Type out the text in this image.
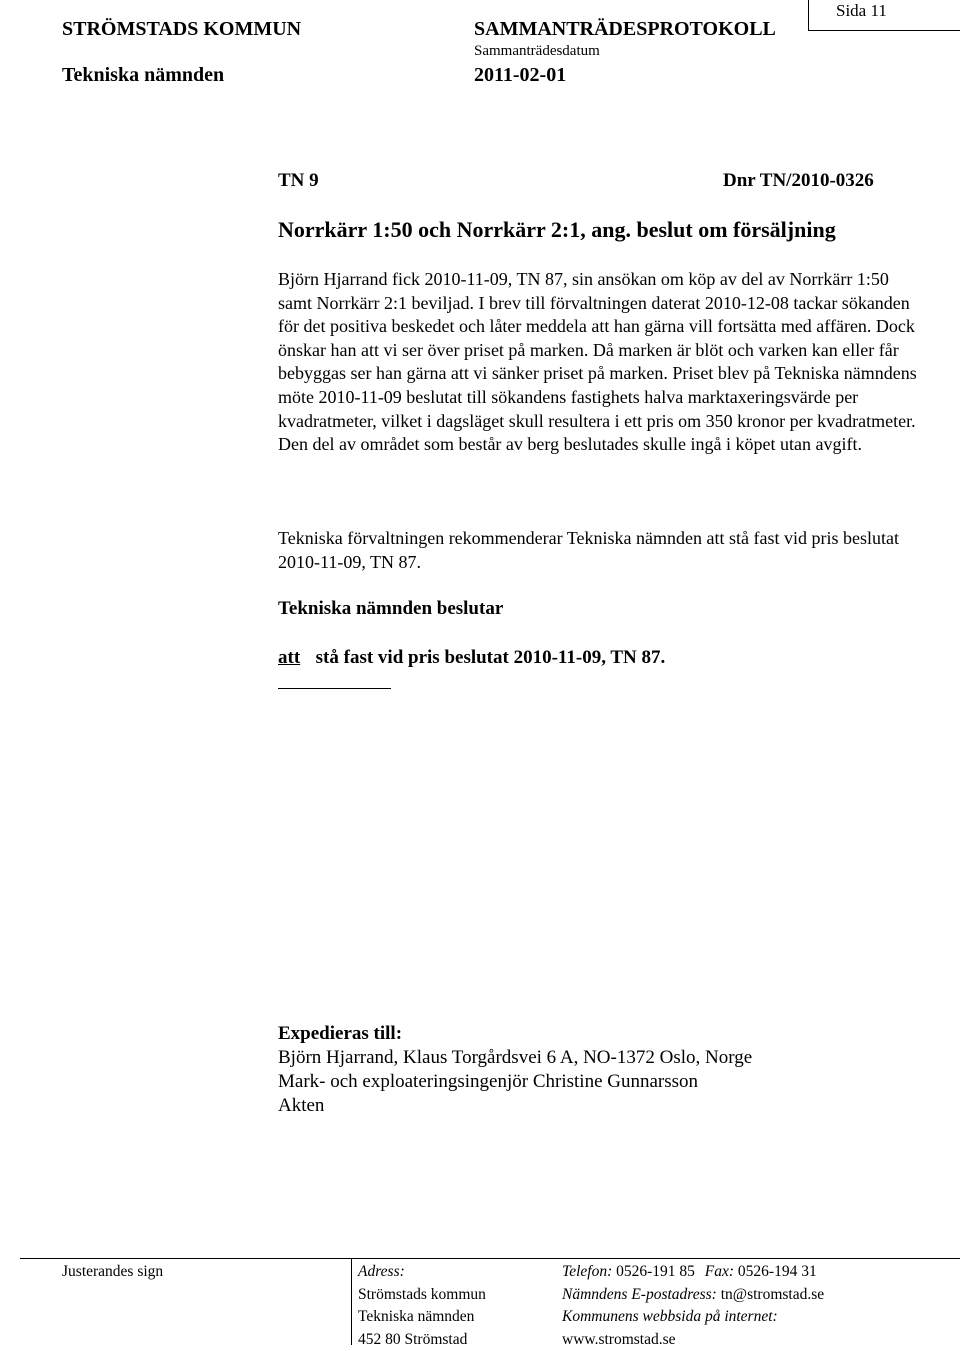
STRÖMSTADS KOMMUN	SAMMANTRÄDESPROTOKOLL
Sammanträdesdatum
Tekniska nämnden	2011-02-01
Sida 11
TN 9	Dnr TN/2010-0326
Norrkärr 1:50 och Norrkärr 2:1, ang. beslut om försäljning

Björn Hjarrand fick 2010-11-09, TN 87, sin ansökan om köp av del av Norrkärr 1:50 samt Norrkärr 2:1 beviljad. I brev till förvaltningen daterat 2010-12-08 tackar sökanden för det positiva beskedet och låter meddela att han gärna vill fortsätta med affären. Dock önskar han att vi ser över priset på marken. Då marken är blöt och varken kan eller får bebyggas ser han gärna att vi sänker priset på marken. Priset blev på Tekniska nämndens möte 2010-11-09 beslutat till sökandens fastighets halva marktaxeringsvärde per kvadratmeter, vilket i dagsläget skull resultera i ett pris om 350 kronor per kvadratmeter. Den del av området som består av berg beslutades skulle ingå i köpet utan avgift.

Tekniska förvaltningen rekommenderar Tekniska nämnden att stå fast vid pris beslutat 2010-11-09, TN 87.

Tekniska nämnden beslutar
att stå fast vid pris beslutat 2010-11-09, TN 87.
Expedieras till:
Björn Hjarrand, Klaus Torgårdsvei 6 A, NO-1372 Oslo, Norge
Mark- och exploateringsingenjör Christine Gunnarsson
Akten
Justerandes sign	Adress:
Strömstads kommun
Tekniska nämnden
452 80 Strömstad
Telefon: 0526-191 85 Fax: 0526-194 31
Nämndens E-postadress: tn@stromstad.se
Kommunens webbsida på internet:
www.stromstad.se
